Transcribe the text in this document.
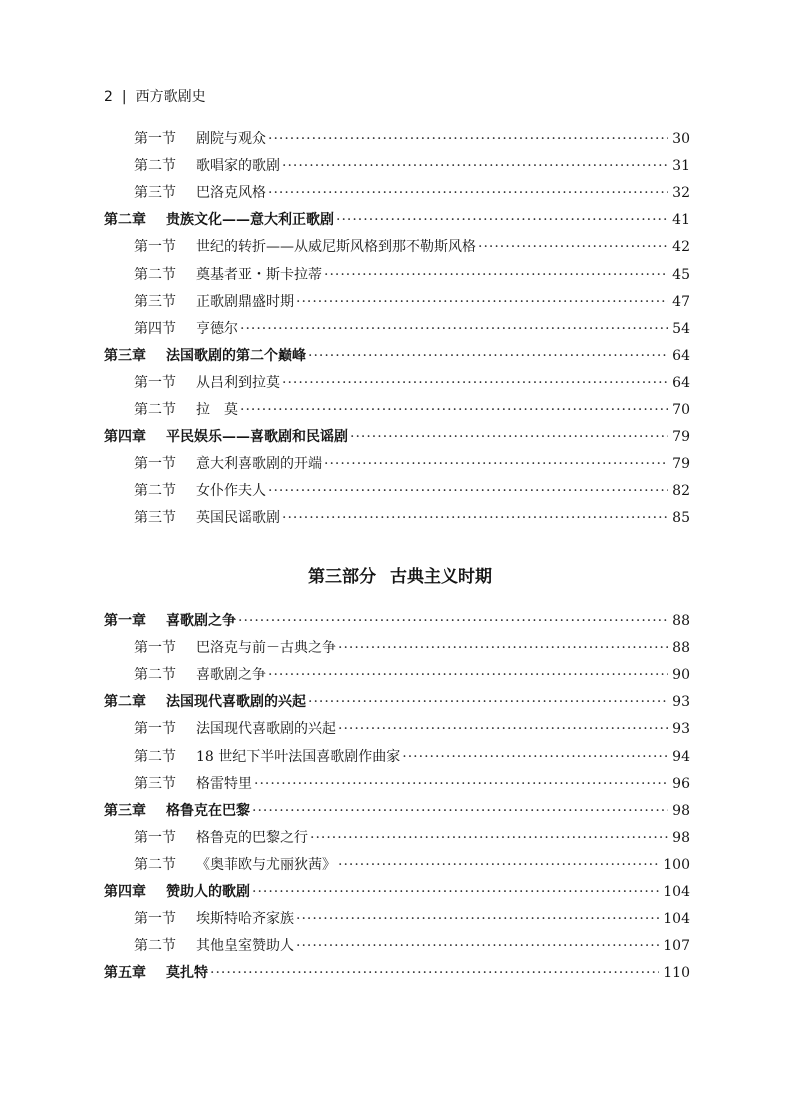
2 | 西方歌剧史
第一节	剧院与观众 ·····	30
第二节	歌唱家的歌剧 ·····	31
第三节	巴洛克风格 ·····	32
第二章	贵族文化——意大利正歌剧 ·····	41
第一节	世纪的转折——从威尼斯风格到那不勒斯风格 ·····	42
第二节	奠基者亚・斯卡拉蒂 ·····	45
第三节	正歌剧鼎盛时期 ·····	47
第四节	亨德尔 ·····	54
第三章	法国歌剧的第二个巅峰 ·····	64
第一节	从吕利到拉莫 ·····	64
第二节	拉　莫 ·····	70
第四章	平民娱乐——喜歌剧和民谣剧 ·····	79
第一节	意大利喜歌剧的开端 ·····	79
第二节	女仆作夫人 ·····	82
第三节	英国民谣歌剧 ·····	85
第三部分 古典主义时期
第一章	喜歌剧之争 ·····	88
第一节	巴洛克与前－古典之争 ·····	88
第二节	喜歌剧之争 ·····	90
第二章	法国现代喜歌剧的兴起 ·····	93
第一节	法国现代喜歌剧的兴起 ·····	93
第二节	18 世纪下半叶法国喜歌剧作曲家 ·····	94
第三节	格雷特里 ·····	96
第三章	格鲁克在巴黎 ·····	98
第一节	格鲁克的巴黎之行 ·····	98
第二节	《奥菲欧与尤丽狄茜》 ·····	100
第四章	赞助人的歌剧 ·····	104
第一节	埃斯特哈齐家族 ·····	104
第二节	其他皇室赞助人 ·····	107
第五章	莫扎特 ·····	110
